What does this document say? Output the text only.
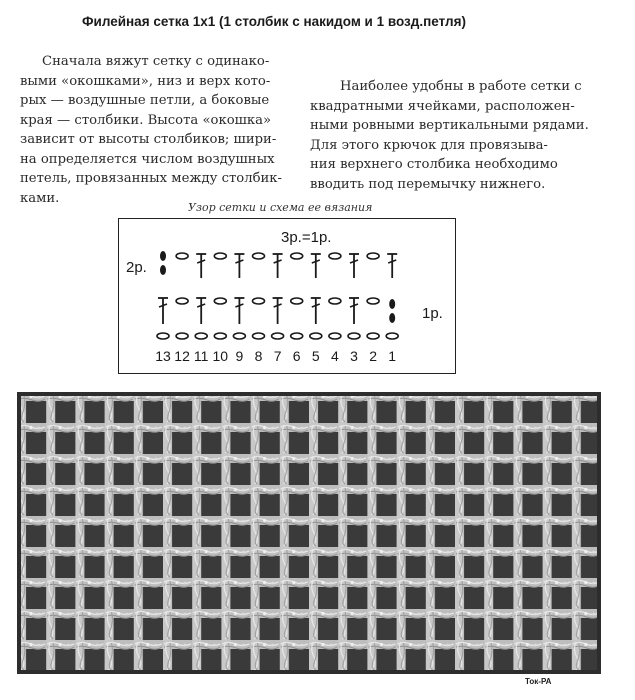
Филейная сетка 1х1 (1 столбик с накидом и 1 возд.петля)
Сначала вяжут сетку с одинако-
выми «окошками», низ и верх кото-
рых — воздушные петли, а боковые
края — столбики. Высота «окошка»
зависит от высоты столбиков; шири-
на определяется числом воздушных
петель, провязанных между столбик-
ками.
Наиболее удобны в работе сетки с
квадратными ячейками, расположен-
ными ровными вертикальными рядами.
Для этого крючок для провязыва-
ния верхнего столбика необходимо
вводить под перемычку нижнего.
Узор сетки и схема ее вязания
3р.=1р.
2р.
1р.
13 12 11 10 9 8 7 6 5 4 3 2 1
Ток-РА
